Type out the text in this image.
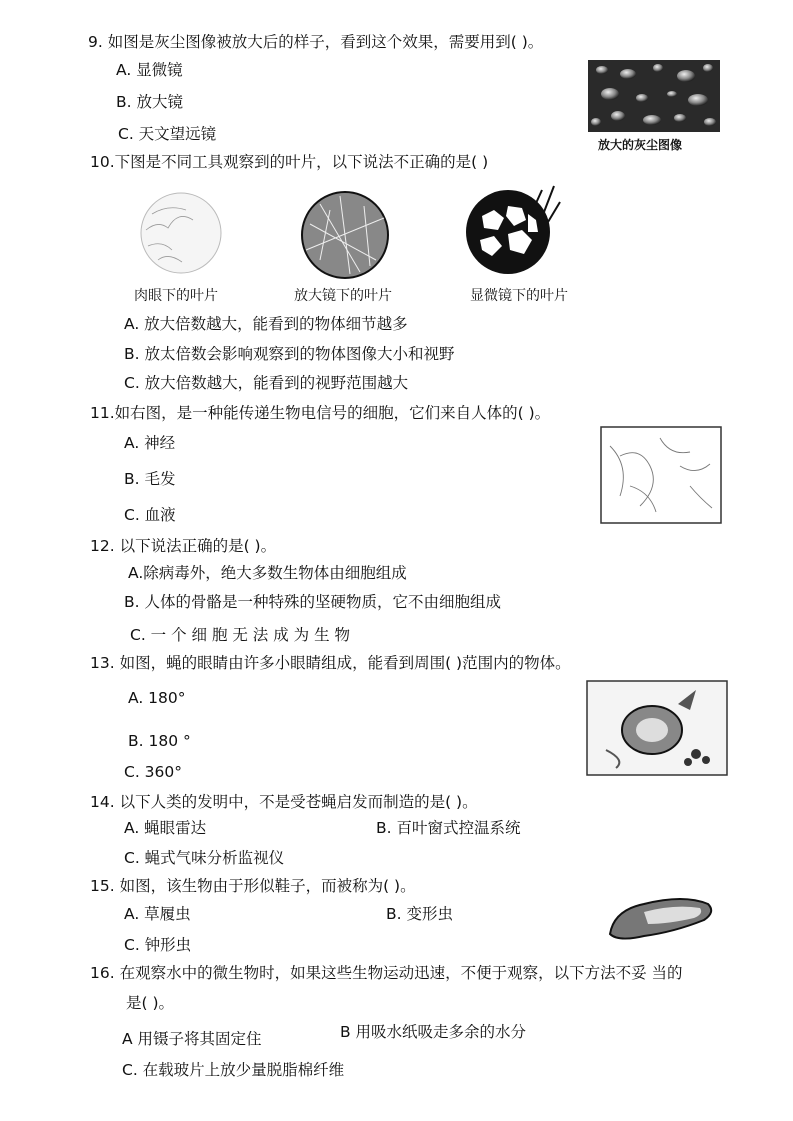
9. 如图是灰尘图像被放大后的样子，看到这个效果，需要用到( )。
A. 显微镜
B. 放大镜
C. 天文望远镜
放大的灰尘图像
10.下图是不同工具观察到的叶片，以下说法不正确的是( )
肉眼下的叶片	放大镜下的叶片	显微镜下的叶片
A. 放大倍数越大，能看到的物体细节越多
B. 放太倍数会影响观察到的物体图像大小和视野
C. 放大倍数越大，能看到的视野范围越大
11.如右图，是一种能传递生物电信号的细胞，它们来自人体的( )。
A. 神经
B. 毛发
C. 血液
12. 以下说法正确的是( )。
A.除病毒外，绝大多数生物体由细胞组成
B. 人体的骨骼是一种特殊的坚硬物质，它不由细胞组成
C. 一 个 细 胞 无 法 成 为 生 物
13. 如图，蝇的眼睛由许多小眼睛组成，能看到周围( )范围内的物体。
A. 180°
B. 180 °
C. 360°
14. 以下人类的发明中，不是受苍蝇启发而制造的是( )。
A. 蝇眼雷达	B. 百叶窗式控温系统
C. 蝇式气味分析监视仪
15. 如图，该生物由于形似鞋子，而被称为( )。
A. 草履虫	B. 变形虫
C. 钟形虫
16. 在观察水中的微生物时，如果这些生物运动迅速，不便于观察，以下方法不妥 当的
是( )。
A 用镊子将其固定住	B 用吸水纸吸走多余的水分
C. 在载玻片上放少量脱脂棉纤维
